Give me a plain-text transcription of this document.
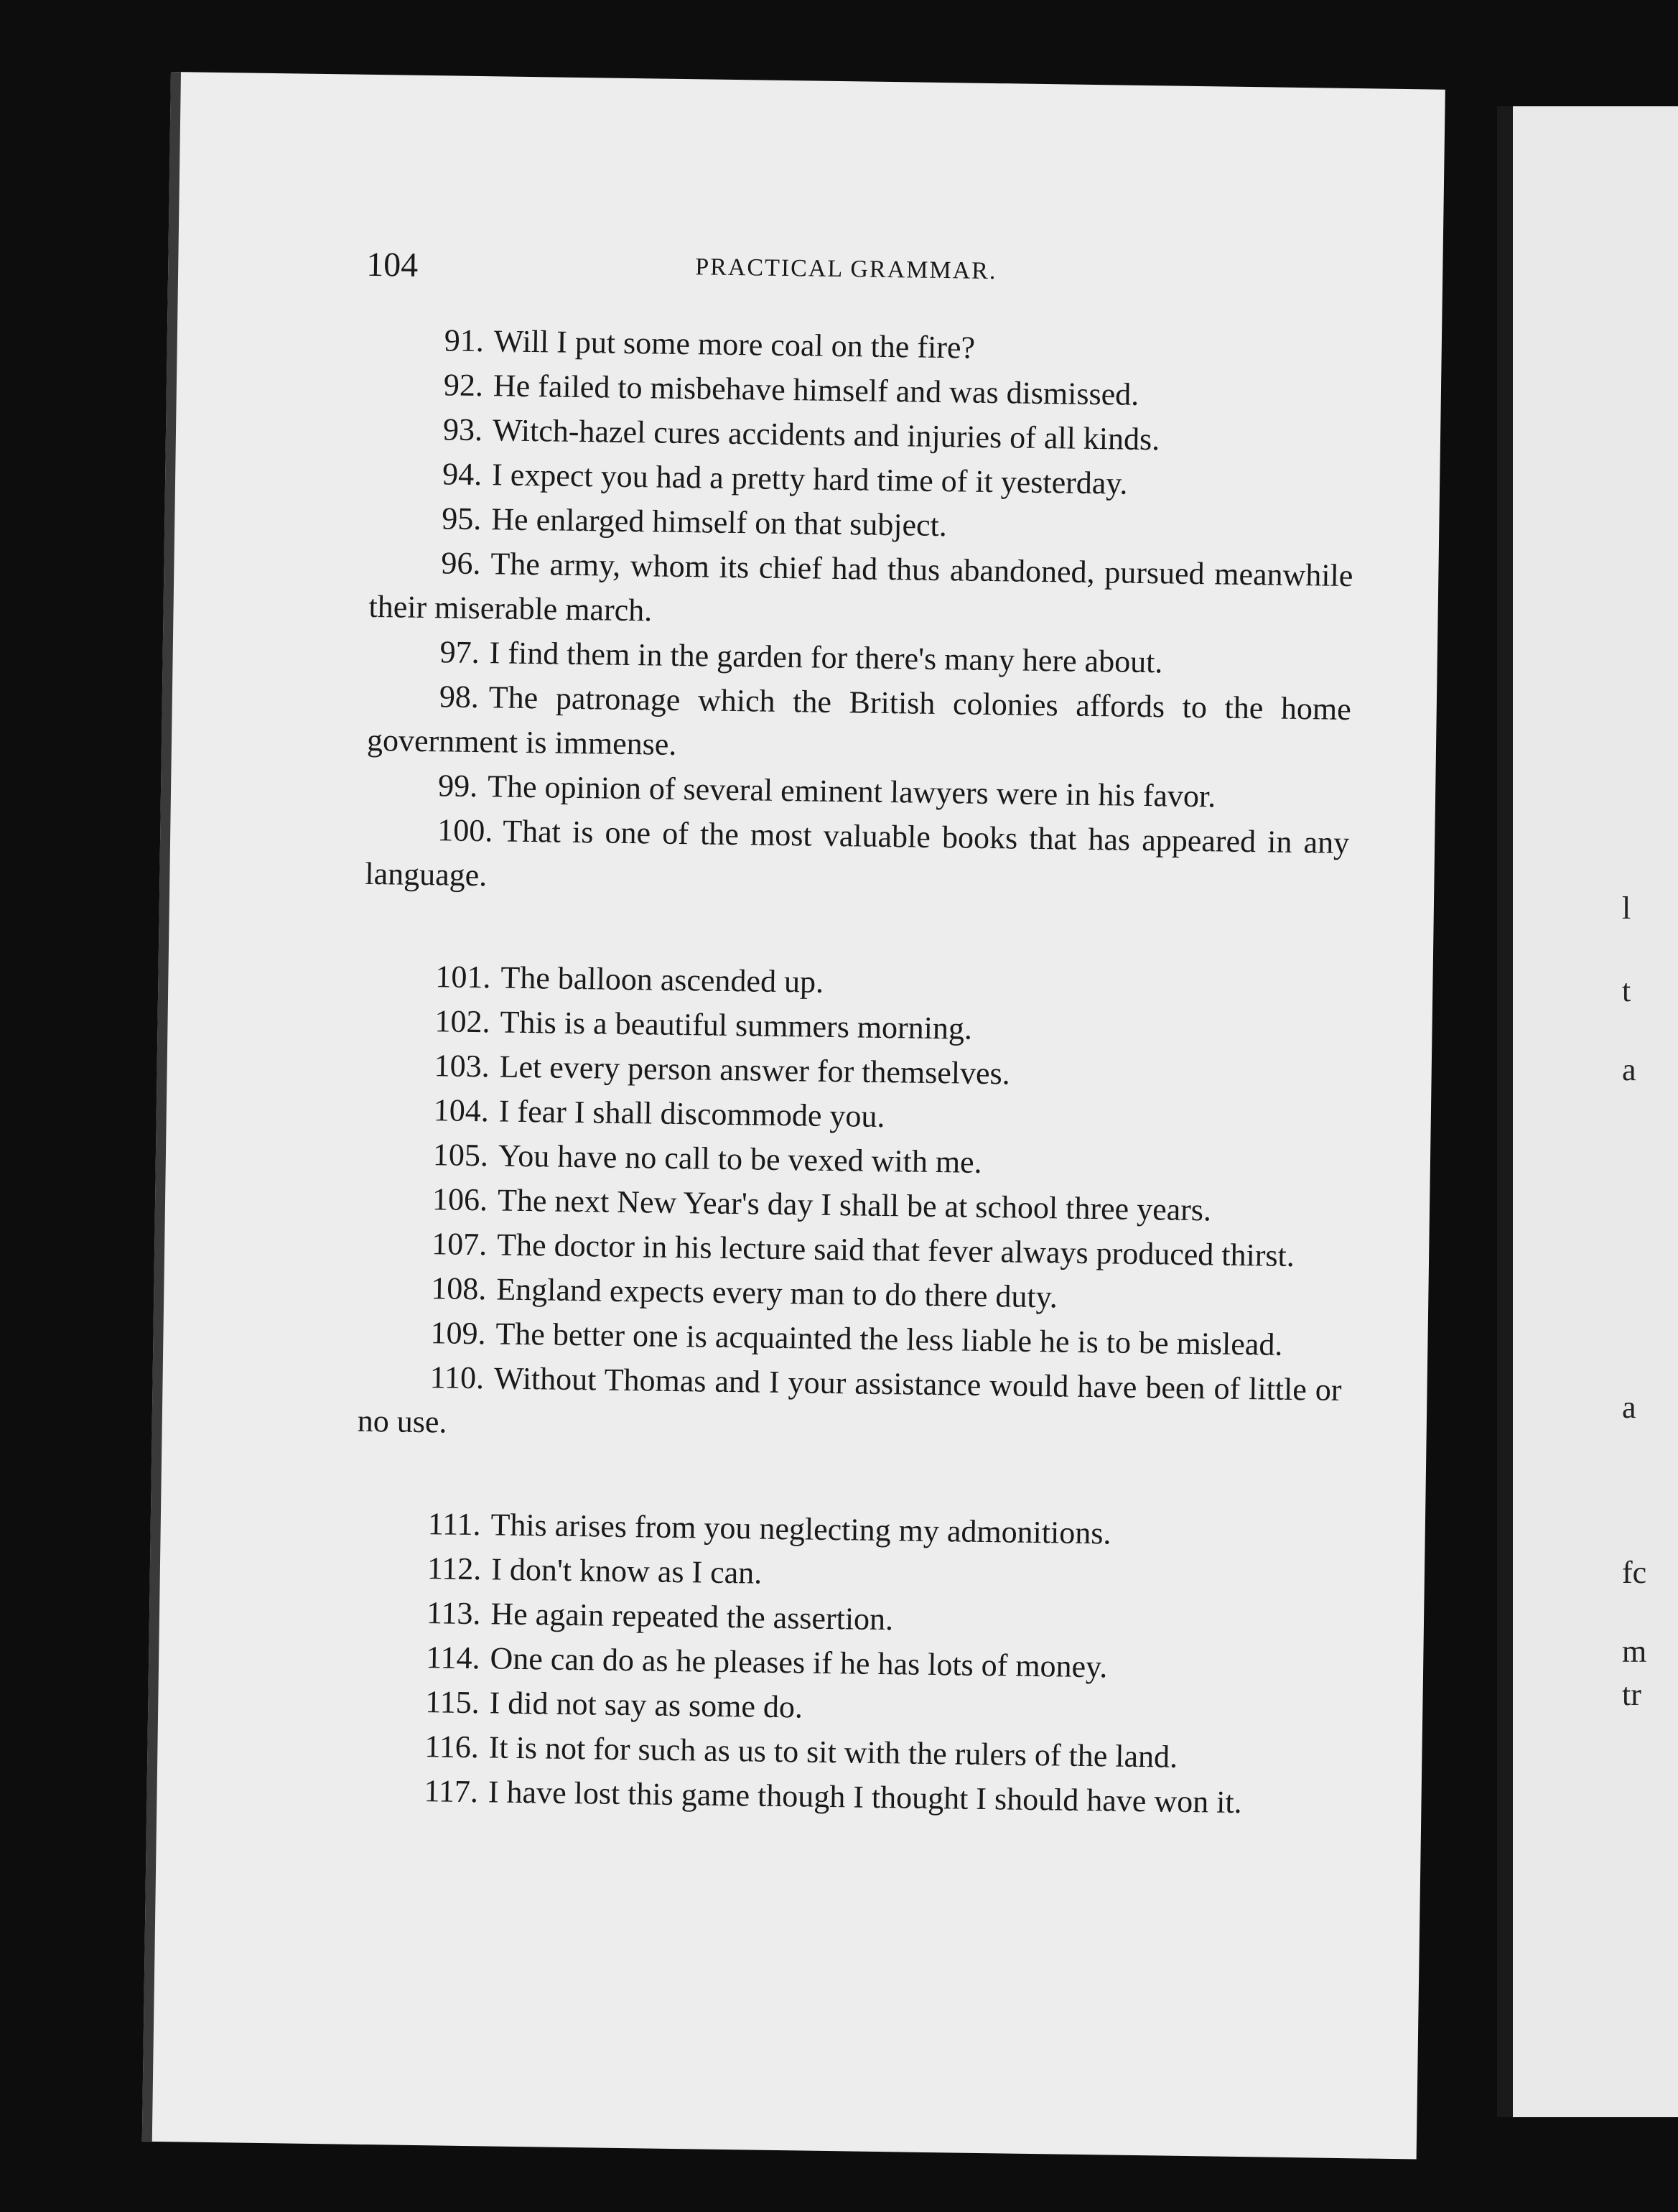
104	PRACTICAL GRAMMAR.

91. Will I put some more coal on the fire?

92. He failed to misbehave himself and was dismissed.

93. Witch-hazel cures accidents and injuries of all kinds.

94. I expect you had a pretty hard time of it yesterday.

95. He enlarged himself on that subject.

96. The army, whom its chief had thus abandoned, pursued meanwhile their miserable march.

97. I find them in the garden for there's many here about.

98. The patronage which the British colonies affords to the home government is immense.

99. The opinion of several eminent lawyers were in his favor.

100. That is one of the most valuable books that has appeared in any language.

101. The balloon ascended up.

102. This is a beautiful summers morning.

103. Let every person answer for themselves.

104. I fear I shall discommode you.

105. You have no call to be vexed with me.

106. The next New Year's day I shall be at school three years.

107. The doctor in his lecture said that fever always produced thirst.

108. England expects every man to do there duty.

109. The better one is acquainted the less liable he is to be mislead.

110. Without Thomas and I your assistance would have been of little or no use.

111. This arises from you neglecting my admonitions.

112. I don't know as I can.

113. He again repeated the assertion.

114. One can do as he pleases if he has lots of money.

115. I did not say as some do.

116. It is not for such as us to sit with the rulers of the land.

117. I have lost this game though I thought I should have won it.

l
t
a
a
fc
m
tr
